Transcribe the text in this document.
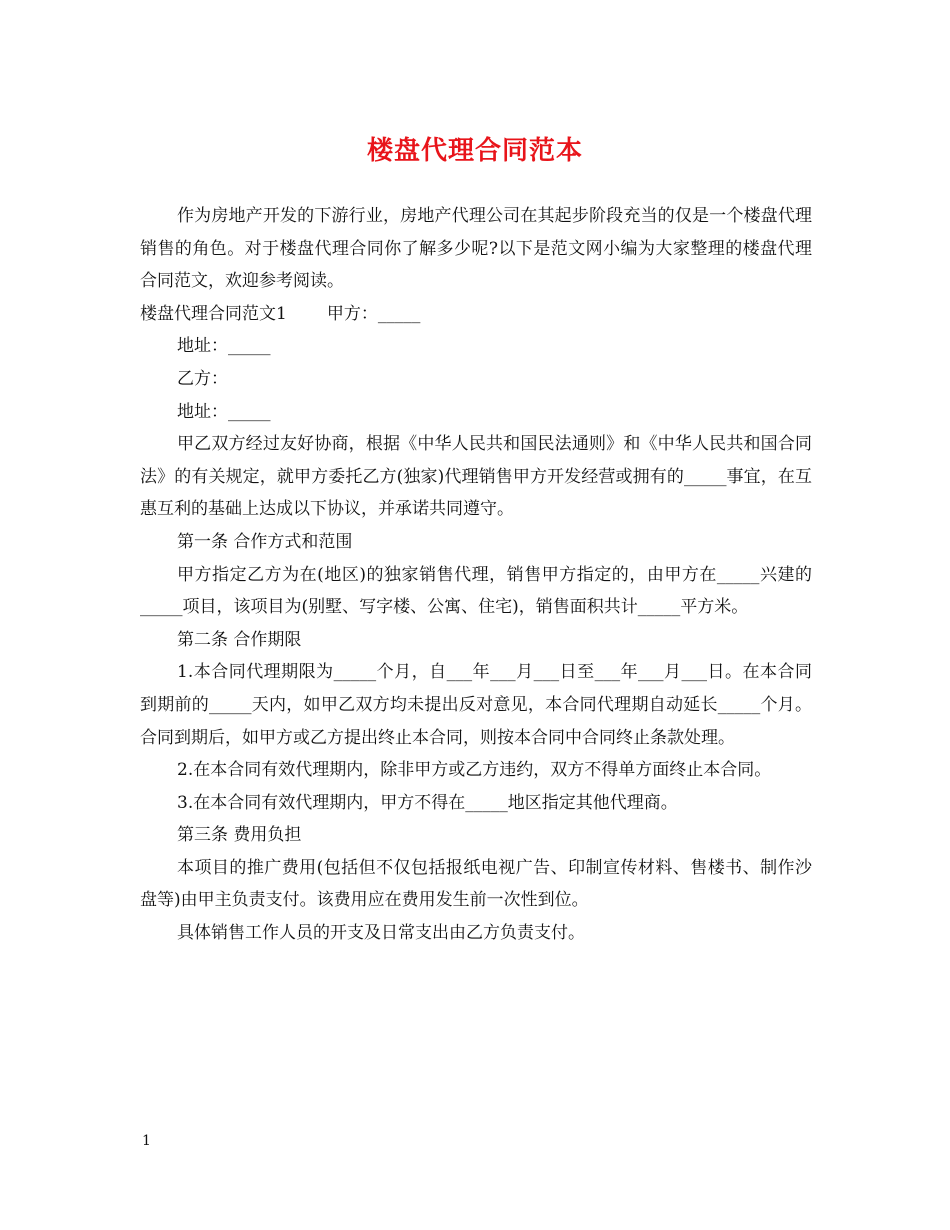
楼盘代理合同范本

作为房地产开发的下游行业，房地产代理公司在其起步阶段充当的仅是一个楼盘代理销售的角色。对于楼盘代理合同你了解多少呢?以下是范文网小编为大家整理的楼盘代理合同范文，欢迎参考阅读。

楼盘代理合同范文1 甲方：_____

地址：_____

乙方：

地址：_____

甲乙双方经过友好协商，根据《中华人民共和国民法通则》和《中华人民共和国合同法》的有关规定，就甲方委托乙方(独家)代理销售甲方开发经营或拥有的_____事宜，在互惠互利的基础上达成以下协议，并承诺共同遵守。

第一条 合作方式和范围

甲方指定乙方为在(地区)的独家销售代理，销售甲方指定的，由甲方在_____兴建的_____项目，该项目为(别墅、写字楼、公寓、住宅)，销售面积共计_____平方米。

第二条 合作期限

1.本合同代理期限为_____个月，自___年___月___日至___年___月___日。在本合同到期前的_____天内，如甲乙双方均未提出反对意见，本合同代理期自动延长_____个月。合同到期后，如甲方或乙方提出终止本合同，则按本合同中合同终止条款处理。

2.在本合同有效代理期内，除非甲方或乙方违约，双方不得单方面终止本合同。

3.在本合同有效代理期内，甲方不得在_____地区指定其他代理商。

第三条 费用负担

本项目的推广费用(包括但不仅包括报纸电视广告、印制宣传材料、售楼书、制作沙盘等)由甲主负责支付。该费用应在费用发生前一次性到位。

具体销售工作人员的开支及日常支出由乙方负责支付。

1
